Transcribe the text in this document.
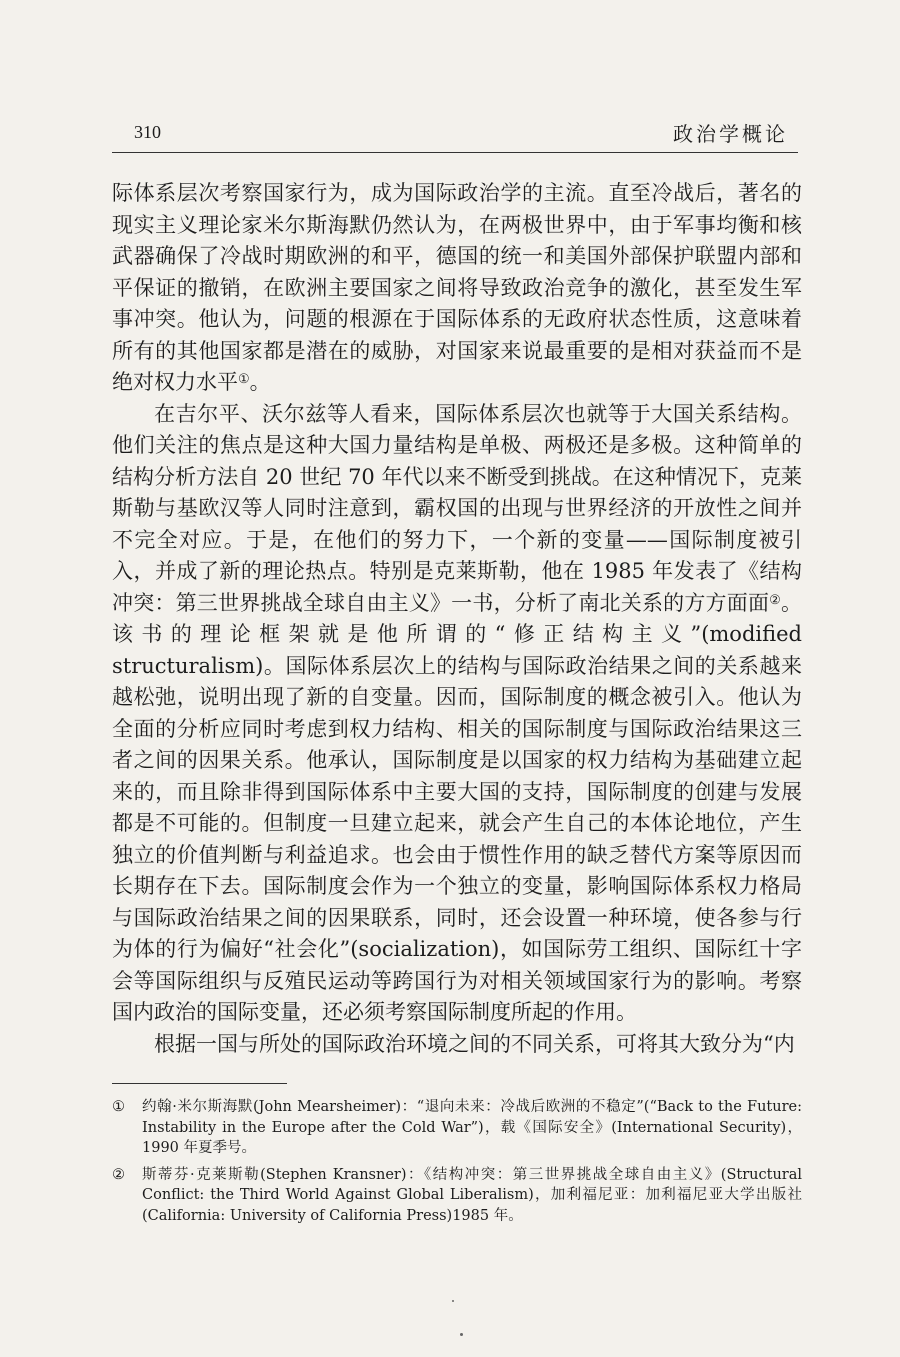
310	政治学概论

际体系层次考察国家行为，成为国际政治学的主流。直至冷战后，著名的现实主义理论家米尔斯海默仍然认为，在两极世界中，由于军事均衡和核武器确保了冷战时期欧洲的和平，德国的统一和美国外部保护联盟内部和平保证的撤销，在欧洲主要国家之间将导致政治竞争的激化，甚至发生军事冲突。他认为，问题的根源在于国际体系的无政府状态性质，这意味着所有的其他国家都是潜在的威胁，对国家来说最重要的是相对获益而不是绝对权力水平①。

在吉尔平、沃尔兹等人看来，国际体系层次也就等于大国关系结构。他们关注的焦点是这种大国力量结构是单极、两极还是多极。这种简单的结构分析方法自 20 世纪 70 年代以来不断受到挑战。在这种情况下，克莱斯勒与基欧汉等人同时注意到，霸权国的出现与世界经济的开放性之间并不完全对应。于是，在他们的努力下，一个新的变量——国际制度被引入，并成了新的理论热点。特别是克莱斯勒，他在 1985 年发表了《结构冲突：第三世界挑战全球自由主义》一书，分析了南北关系的方方面面②。该书的理论框架就是他所谓的“修正结构主义”(modified structuralism)。国际体系层次上的结构与国际政治结果之间的关系越来越松弛，说明出现了新的自变量。因而，国际制度的概念被引入。他认为全面的分析应同时考虑到权力结构、相关的国际制度与国际政治结果这三者之间的因果关系。他承认，国际制度是以国家的权力结构为基础建立起来的，而且除非得到国际体系中主要大国的支持，国际制度的创建与发展都是不可能的。但制度一旦建立起来，就会产生自己的本体论地位，产生独立的价值判断与利益追求。也会由于惯性作用的缺乏替代方案等原因而长期存在下去。国际制度会作为一个独立的变量，影响国际体系权力格局与国际政治结果之间的因果联系，同时，还会设置一种环境，使各参与行为体的行为偏好“社会化”(socialization)，如国际劳工组织、国际红十字会等国际组织与反殖民运动等跨国行为对相关领域国家行为的影响。考察国内政治的国际变量，还必须考察国际制度所起的作用。

根据一国与所处的国际政治环境之间的不同关系，可将其大致分为“内

①	约翰·米尔斯海默(John Mearsheimer)：“退向未来：冷战后欧洲的不稳定”(“Back to the Future: Instability in the Europe after the Cold War”)，载《国际安全》(International Security)，1990 年夏季号。
②	斯蒂芬·克莱斯勒(Stephen Kransner)：《结构冲突：第三世界挑战全球自由主义》(Structural Conflict: the Third World Against Global Liberalism)，加利福尼亚：加利福尼亚大学出版社(California: University of California Press)1985 年。
